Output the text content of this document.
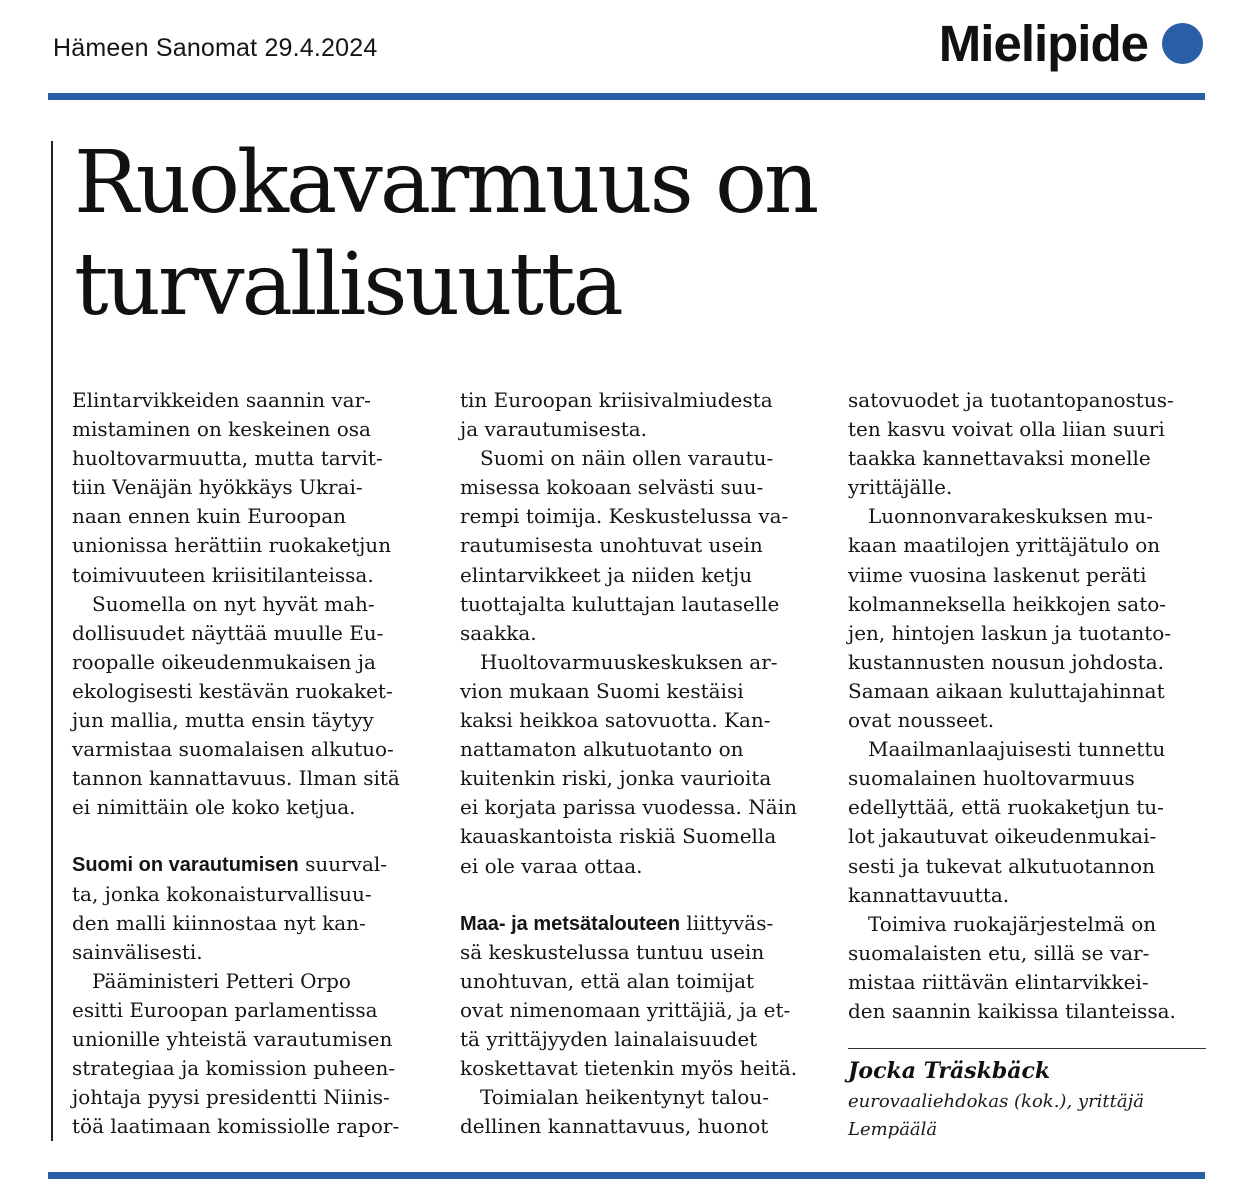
Hämeen Sanomat 29.4.2024	Mielipide
Ruokavarmuus on
turvallisuutta
Elintarvikkeiden saannin var-
mistaminen on keskeinen osa
huoltovarmuutta, mutta tarvit-
tiin Venäjän hyökkäys Ukrai-
naan ennen kuin Euroopan
unionissa herättiin ruokaketjun
toimivuuteen kriisitilanteissa.
 Suomella on nyt hyvät mah-
dollisuudet näyttää muulle Eu-
roopalle oikeudenmukaisen ja
ekologisesti kestävän ruokaket-
jun mallia, mutta ensin täytyy
varmistaa suomalaisen alkutuo-
tannon kannattavuus. Ilman sitä
ei nimittäin ole koko ketjua.
Suomi on varautumisen suurval-
ta, jonka kokonaisturvallisuu-
den malli kiinnostaa nyt kan-
sainvälisesti.
 Pääministeri Petteri Orpo
esitti Euroopan parlamentissa
unionille yhteistä varautumisen
strategiaa ja komission puheen-
johtaja pyysi presidentti Niinis-
töä laatimaan komissiolle rapor-
tin Euroopan kriisivalmiudesta
ja varautumisesta.
 Suomi on näin ollen varautu-
misessa kokoaan selvästi suu-
rempi toimija. Keskustelussa va-
rautumisesta unohtuvat usein
elintarvikkeet ja niiden ketju
tuottajalta kuluttajan lautaselle
saakka.
 Huoltovarmuuskeskuksen ar-
vion mukaan Suomi kestäisi
kaksi heikkoa satovuotta. Kan-
nattamaton alkutuotanto on
kuitenkin riski, jonka vaurioita
ei korjata parissa vuodessa. Näin
kauaskantoista riskiä Suomella
ei ole varaa ottaa.
Maa- ja metsätalouteen liittyväs-
sä keskustelussa tuntuu usein
unohtuvan, että alan toimijat
ovat nimenomaan yrittäjiä, ja et-
tä yrittäjyyden lainalaisuudet
koskettavat tietenkin myös heitä.
 Toimialan heikentynyt talou-
dellinen kannattavuus, huonot
satovuodet ja tuotantopanostus-
ten kasvu voivat olla liian suuri
taakka kannettavaksi monelle
yrittäjälle.
 Luonnonvarakeskuksen mu-
kaan maatilojen yrittäjätulo on
viime vuosina laskenut peräti
kolmanneksella heikkojen sato-
jen, hintojen laskun ja tuotanto-
kustannusten nousun johdosta.
Samaan aikaan kuluttajahinnat
ovat nousseet.
 Maailmanlaajuisesti tunnettu
suomalainen huoltovarmuus
edellyttää, että ruokaketjun tu-
lot jakautuvat oikeudenmukai-
sesti ja tukevat alkutuotannon
kannattavuutta.
 Toimiva ruokajärjestelmä on
suomalaisten etu, sillä se var-
mistaa riittävän elintarvikkei-
den saannin kaikissa tilanteissa.
Jocka Träskbäck
eurovaaliehdokas (kok.), yrittäjä
Lempäälä
